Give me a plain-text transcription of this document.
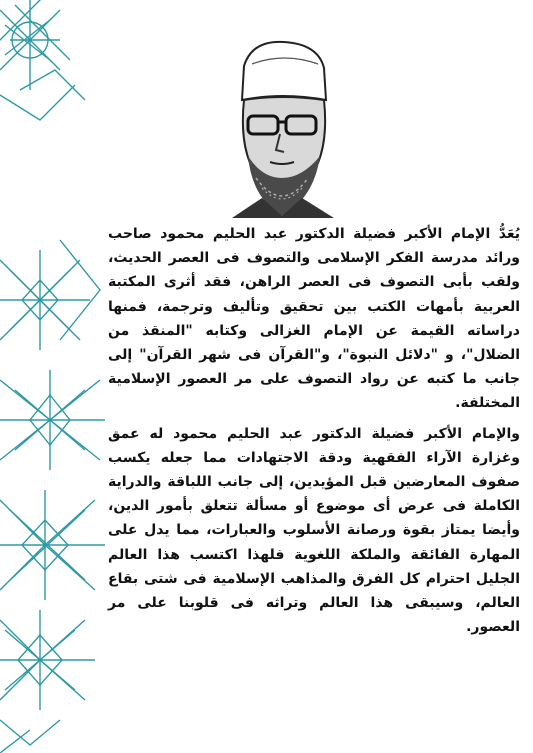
يُعَدُّ الإمام الأكبر فضيلة الدكتور عبد الحليم محمود صاحب ورائد مدرسة الفكر الإسلامى والتصوف فى العصر الحديث، ولقب بأبى التصوف فى العصر الراهن، فقد أثرى المكتبة العربية بأمهات الكتب بين تحقيق وتأليف وترجمة، فمنها دراساته القيمة عن الإمام الغزالى وكتابه "المنقذ من الضلال"، و "دلائل النبوة"، و"القرآن فى شهر القرآن" إلى جانب ما كتبه عن رواد التصوف على مر العصور الإسلامية المختلفة.

والإمام الأكبر فضيلة الدكتور عبد الحليم محمود له عمق وغزارة الآراء الفقهية ودقة الاجتهادات مما جعله يكسب صفوف المعارضين قبل المؤيدين، إلى جانب اللباقة والدراية الكاملة فى عرض أى موضوع أو مسألة تتعلق بأمور الدين، وأيضا يمتاز بقوة ورصانة الأسلوب والعبارات، مما يدل على المهارة الفائقة والملكة اللغوية فلهذا اكتسب هذا العالم الجليل احترام كل الفرق والمذاهب الإسلامية فى شتى بقاع العالم، وسيبقى هذا العالم وتراثه فى قلوبنا على مر العصور.
